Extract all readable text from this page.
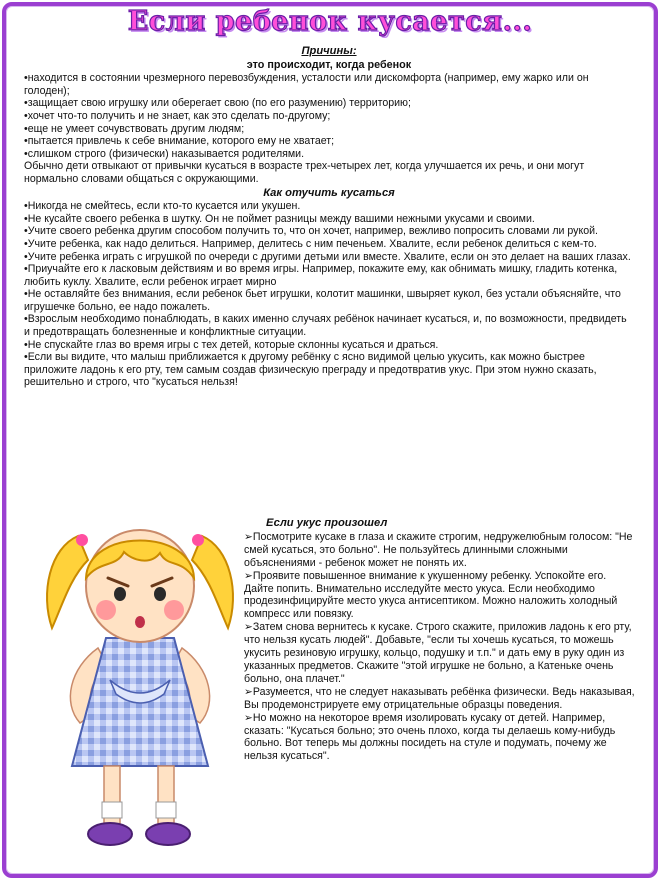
Если ребенок кусается...
Причины:
это происходит, когда ребенок

•находится в состоянии чрезмерного перевозбуждения, усталости или дискомфорта (например, ему жарко или он голоден);

•защищает свою игрушку или оберегает свою (по его разумению) территорию;

•хочет что-то получить и не знает, как это сделать по-другому;

•еще не умеет сочувствовать другим людям;

•пытается привлечь к себе внимание, которого ему не хватает;

•слишком строго (физически) наказывается родителями.

Обычно дети отвыкают от привычки кусаться в возрасте трех-четырех лет, когда улучшается их речь, и они могут нормально словами общаться с окружающими.

Как отучить кусаться

•Никогда не смейтесь, если кто-то кусается или укушен.

•Не кусайте своего ребенка в шутку. Он не поймет разницы между вашими нежными укусами и своими.

•Учите своего ребенка другим способом получить то, что он хочет, например, вежливо попросить словами ли рукой.

•Учите ребенка, как надо делиться. Например, делитесь с ним печеньем. Хвалите, если ребенок делиться с кем-то.

•Учите ребенка играть с игрушкой по очереди с другими детьми или вместе. Хвалите, если он это делает на ваших глазах.

•Приучайте его к ласковым действиям и во время игры. Например, покажите ему, как обнимать мишку, гладить котенка, любить куклу. Хвалите, если ребенок играет мирно

•Не оставляйте без внимания, если ребенок бьет игрушки, колотит машинки, швыряет кукол, без устали объясняйте, что игрушечке больно, ее надо пожалеть.

•Взрослым необходимо понаблюдать, в каких именно случаях ребёнок начинает кусаться, и, по возможности, предвидеть и предотвращать болезненные и конфликтные ситуации.

•Не спускайте глаз во время игры с тех детей, которые склонны кусаться и драться.

•Если вы видите, что малыш приближается к другому ребёнку с ясно видимой целью укусить, как можно быстрее приложите ладонь к его рту, тем самым создав физическую преграду и предотвратив укус. При этом нужно сказать, решительно и строго, что "кусаться нельзя!

Если укус произошел

➢Посмотрите кусаке в глаза и скажите строгим, недружелюбным голосом: "Не смей кусаться, это больно". Не пользуйтесь длинными сложными объяснениями - ребенок может не понять их.

➢Проявите повышенное внимание к укушенному ребенку. Успокойте его. Дайте попить. Внимательно исследуйте место укуса. Если необходимо продезинфицируйте место укуса антисептиком. Можно наложить холодный компресс или повязку.

➢Затем снова вернитесь к кусаке. Строго скажите, приложив ладонь к его рту, что нельзя кусать людей". Добавьте, "если ты хочешь кусаться, то можешь укусить резиновую игрушку, кольцо, подушку и т.п." и дать ему в руку один из указанных предметов. Скажите "этой игрушке не больно, а Катеньке очень больно, она плачет."

➢Разумеется, что не следует наказывать ребёнка физически. Ведь наказывая, Вы продемонстрируете ему отрицательные образцы поведения.

➢Но можно на некоторое время изолировать кусаку от детей. Например, сказать: "Кусаться больно; это очень плохо, когда ты делаешь кому-нибудь больно. Вот теперь мы должны посидеть на стуле и подумать, почему же нельзя кусаться".
